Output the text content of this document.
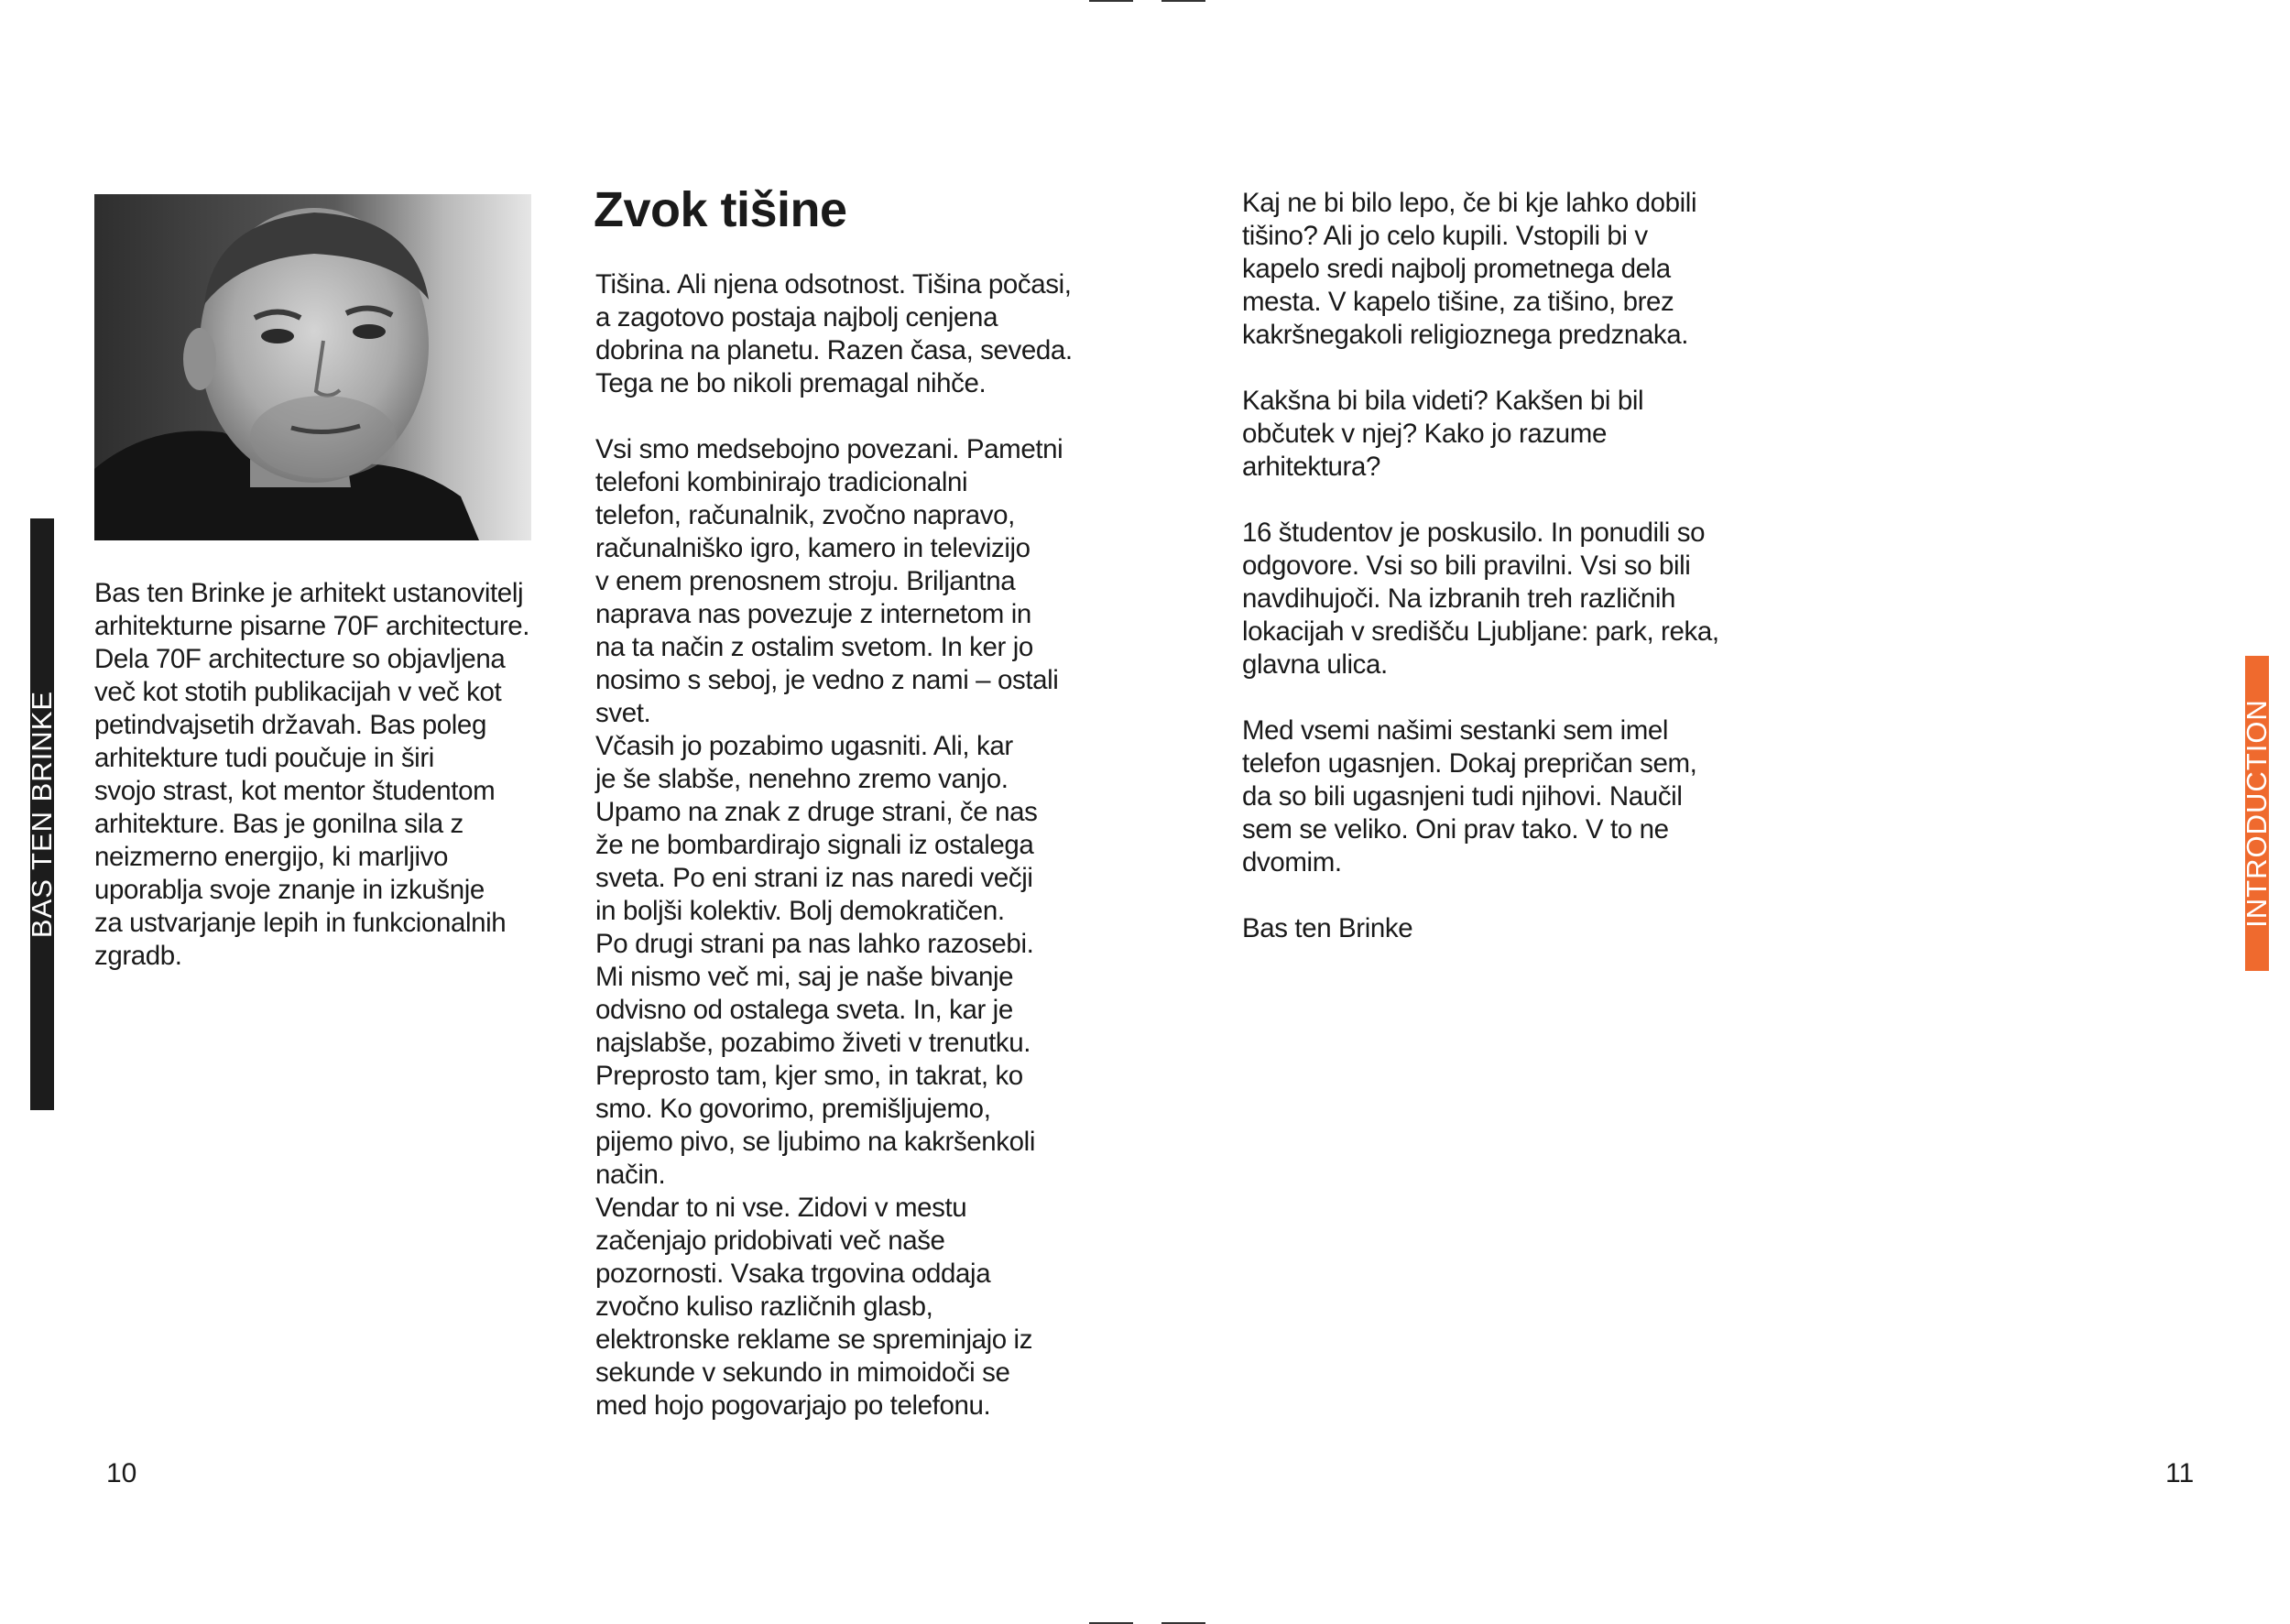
BAS TEN BRINKE	INTRODUCTION

Bas ten Brinke je arhitekt ustanovitelj

arhitekturne pisarne 70F architecture.

Dela 70F architecture so objavljena

več kot stotih publikacijah v več kot

petindvajsetih državah. Bas poleg

arhitekture tudi poučuje in širi

svojo strast, kot mentor študentom

arhitekture. Bas je gonilna sila z

neizmerno energijo, ki marljivo

uporablja svoje znanje in izkušnje

za ustvarjanje lepih in funkcionalnih

zgradb.

Zvok tišine

Tišina. Ali njena odsotnost. Tišina počasi,

a zagotovo postaja najbolj cenjena

dobrina na planetu. Razen časa, seveda.

Tega ne bo nikoli premagal nihče.

Vsi smo medsebojno povezani. Pametni

telefoni kombinirajo tradicionalni

telefon, računalnik, zvočno napravo,

računalniško igro, kamero in televizijo

v enem prenosnem stroju. Briljantna

naprava nas povezuje z internetom in

na ta način z ostalim svetom. In ker jo

nosimo s seboj, je vedno z nami – ostali

svet.

Včasih jo pozabimo ugasniti. Ali, kar

je še slabše, nenehno zremo vanjo.

Upamo na znak z druge strani, če nas

že ne bombardirajo signali iz ostalega

sveta. Po eni strani iz nas naredi večji

in boljši kolektiv. Bolj demokratičen.

Po drugi strani pa nas lahko razosebi.

Mi nismo več mi, saj je naše bivanje

odvisno od ostalega sveta. In, kar je

najslabše, pozabimo živeti v trenutku.

Preprosto tam, kjer smo, in takrat, ko

smo. Ko govorimo, premišljujemo,

pijemo pivo, se ljubimo na kakršenkoli

način.

Vendar to ni vse. Zidovi v mestu

začenjajo pridobivati več naše

pozornosti. Vsaka trgovina oddaja

zvočno kuliso različnih glasb,

elektronske reklame se spreminjajo iz

sekunde v sekundo in mimoidoči se

med hojo pogovarjajo po telefonu.

Kaj ne bi bilo lepo, če bi kje lahko dobili

tišino? Ali jo celo kupili. Vstopili bi v

kapelo sredi najbolj prometnega dela

mesta. V kapelo tišine, za tišino, brez

kakršnegakoli religioznega predznaka.

Kakšna bi bila videti? Kakšen bi bil

občutek v njej? Kako jo razume

arhitektura?

16 študentov je poskusilo. In ponudili so

odgovore. Vsi so bili pravilni. Vsi so bili

navdihujoči. Na izbranih treh različnih

lokacijah v središču Ljubljane: park, reka,

glavna ulica.

Med vsemi našimi sestanki sem imel

telefon ugasnjen. Dokaj prepričan sem,

da so bili ugasnjeni tudi njihovi. Naučil

sem se veliko. Oni prav tako. V to ne

dvomim.

Bas ten Brinke

10	11
